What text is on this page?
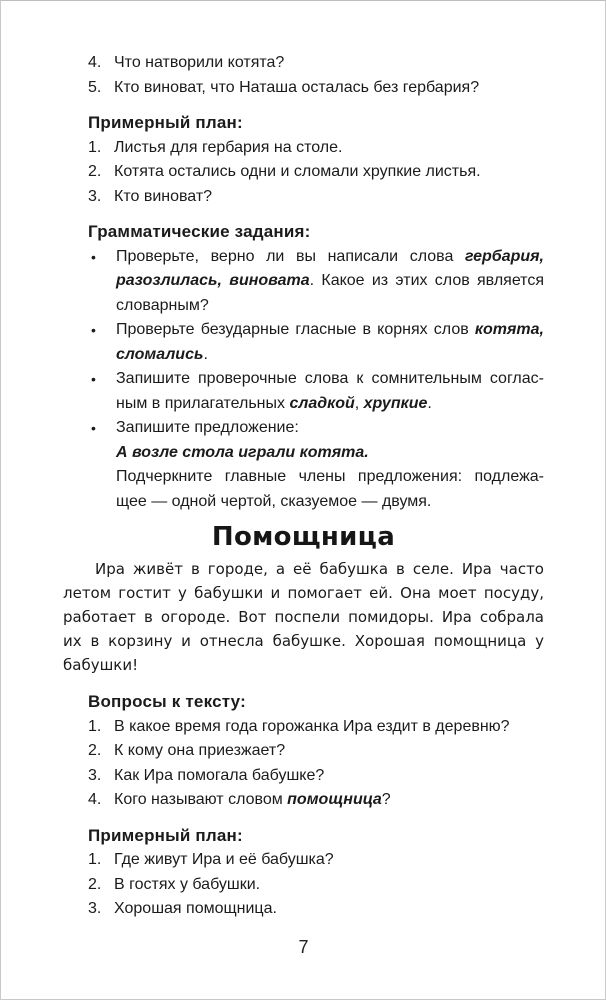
4. Что натворили котята?
5. Кто виноват, что Наташа осталась без гербария?
Примерный план:
1. Листья для гербария на столе.
2. Котята остались одни и сломали хрупкие листья.
3. Кто виноват?
Грамматические задания:
•	Проверьте, верно ли вы написали слова гербария,
разозлилась, виновата. Какое из этих слов является
словарным?
•	Проверьте безударные гласные в корнях слов котята,
сломались.
•	Запишите проверочные слова к сомнительным соглас-
ным в прилагательных сладкой, хрупкие.
•	Запишите предложение:
А возле стола играли котята.
Подчеркните главные члены предложения: подлежа-
щее — одной чертой, сказуемое — двумя.
Помощница
Ира живёт в городе, а её бабушка в селе. Ира часто
летом гостит у бабушки и помогает ей. Она моет посуду,
работает в огороде. Вот поспели помидоры. Ира собрала
их в корзину и отнесла бабушке. Хорошая помощница у
бабушки!
Вопросы к тексту:
1. В какое время года горожанка Ира ездит в деревню?
2. К кому она приезжает?
3. Как Ира помогала бабушке?
4. Кого называют словом помощница?
Примерный план:
1. Где живут Ира и её бабушка?
2. В гостях у бабушки.
3. Хорошая помощница.
7
